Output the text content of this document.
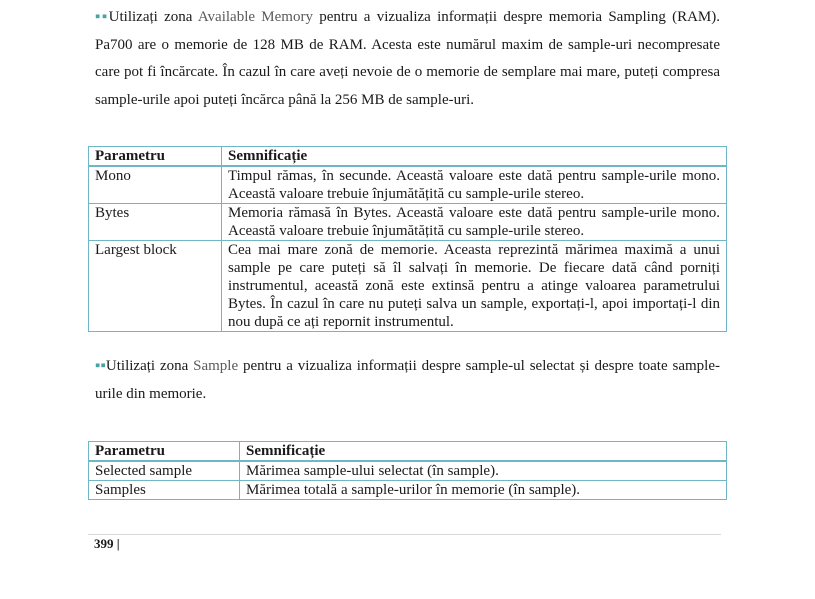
▪▪Utilizați zona Available Memory pentru a vizualiza informații despre memoria Sampling (RAM). Pa700 are o memorie de 128 MB de RAM. Acesta este numărul maxim de sample-uri necompresate care pot fi încărcate. În cazul în care aveți nevoie de o memorie de semplare mai mare, puteți compresa sample-urile apoi puteți încărca până la 256 MB de sample-uri.

Parametru	Semnificație
Mono	Timpul rămas, în secunde. Această valoare este dată pentru sample-urile mono. Această valoare trebuie înjumătățită cu sample-urile stereo.
Bytes	Memoria rămasă în Bytes. Această valoare este dată pentru sample-urile mono. Această valoare trebuie înjumătățită cu sample-urile stereo.
Largest block	Cea mai mare zonă de memorie. Aceasta reprezintă mărimea maximă a unui sample pe care puteți să îl salvați în memorie. De fiecare dată când porniți instrumentul, această zonă este extinsă pentru a atinge valoarea parametrului Bytes. În cazul în care nu puteți salva un sample, exportați-l, apoi importați-l din nou după ce ați repornit instrumentul.

▪▪Utilizați zona Sample pentru a vizualiza informații despre sample-ul selectat și despre toate sample-urile din memorie.

Parametru	Semnificație
Selected sample	Mărimea sample-ului selectat (în sample).
Samples	Mărimea totală a sample-urilor în memorie (în sample).
399 |
